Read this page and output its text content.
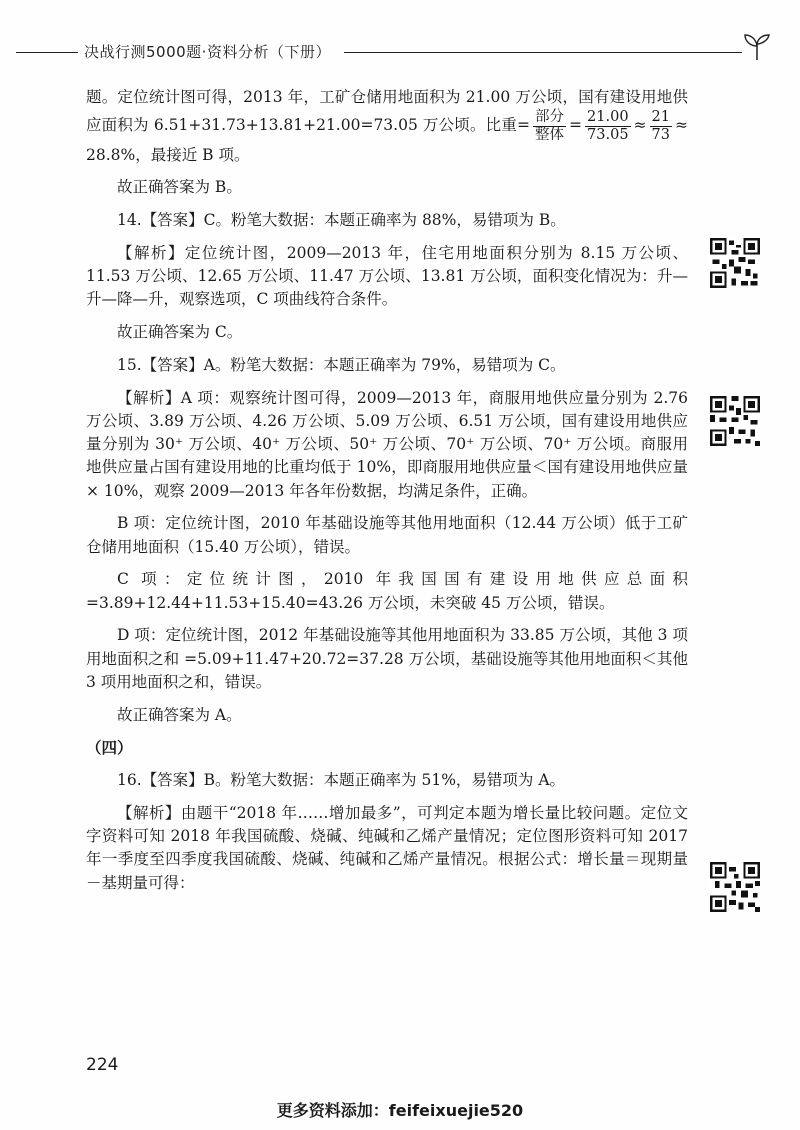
决战行测5000题·资料分析（下册）

题。定位统计图可得，2013 年，工矿仓储用地面积为 21.00 万公顷，国有建设用地供应面积为 6.51+31.73+13.81+21.00=73.05 万公顷。比重= $\frac{\text{部分}}{\text{整体}} = \frac{21.00}{73.05} \approx \frac{21}{73} \approx 28.8\%$，最接近 B 项。

故正确答案为 B。

14.【答案】C。粉笔大数据：本题正确率为 88%，易错项为 B。

【解析】定位统计图，2009—2013 年，住宅用地面积分别为 8.15 万公顷、11.53 万公顷、12.65 万公顷、11.47 万公顷、13.81 万公顷，面积变化情况为：升—升—降—升，观察选项，C 项曲线符合条件。

故正确答案为 C。

15.【答案】A。粉笔大数据：本题正确率为 79%，易错项为 C。

【解析】A 项：观察统计图可得，2009—2013 年，商服用地供应量分别为 2.76 万公顷、3.89 万公顷、4.26 万公顷、5.09 万公顷、6.51 万公顷，国有建设用地供应量分别为 30⁺ 万公顷、40⁺ 万公顷、50⁺ 万公顷、70⁺ 万公顷、70⁺ 万公顷。商服用地供应量占国有建设用地的比重均低于 10%，即商服用地供应量＜国有建设用地供应量 × 10%，观察 2009—2013 年各年份数据，均满足条件，正确。

B 项：定位统计图，2010 年基础设施等其他用地面积（12.44 万公顷）低于工矿仓储用地面积（15.40 万公顷），错误。

C 项：定位统计图，2010 年我国国有建设用地供应总面积 =3.89+12.44+11.53+15.40=43.26 万公顷，未突破 45 万公顷，错误。

D 项：定位统计图，2012 年基础设施等其他用地面积为 33.85 万公顷，其他 3 项用地面积之和 =5.09+11.47+20.72=37.28 万公顷，基础设施等其他用地面积＜其他 3 项用地面积之和，错误。

故正确答案为 A。

（四）

16.【答案】B。粉笔大数据：本题正确率为 51%，易错项为 A。

【解析】由题干“2018 年……增加最多”，可判定本题为增长量比较问题。定位文字资料可知 2018 年我国硫酸、烧碱、纯碱和乙烯产量情况；定位图形资料可知 2017 年一季度至四季度我国硫酸、烧碱、纯碱和乙烯产量情况。根据公式：增长量＝现期量－基期量可得：

224
更多资料添加：feifeixuejie520
